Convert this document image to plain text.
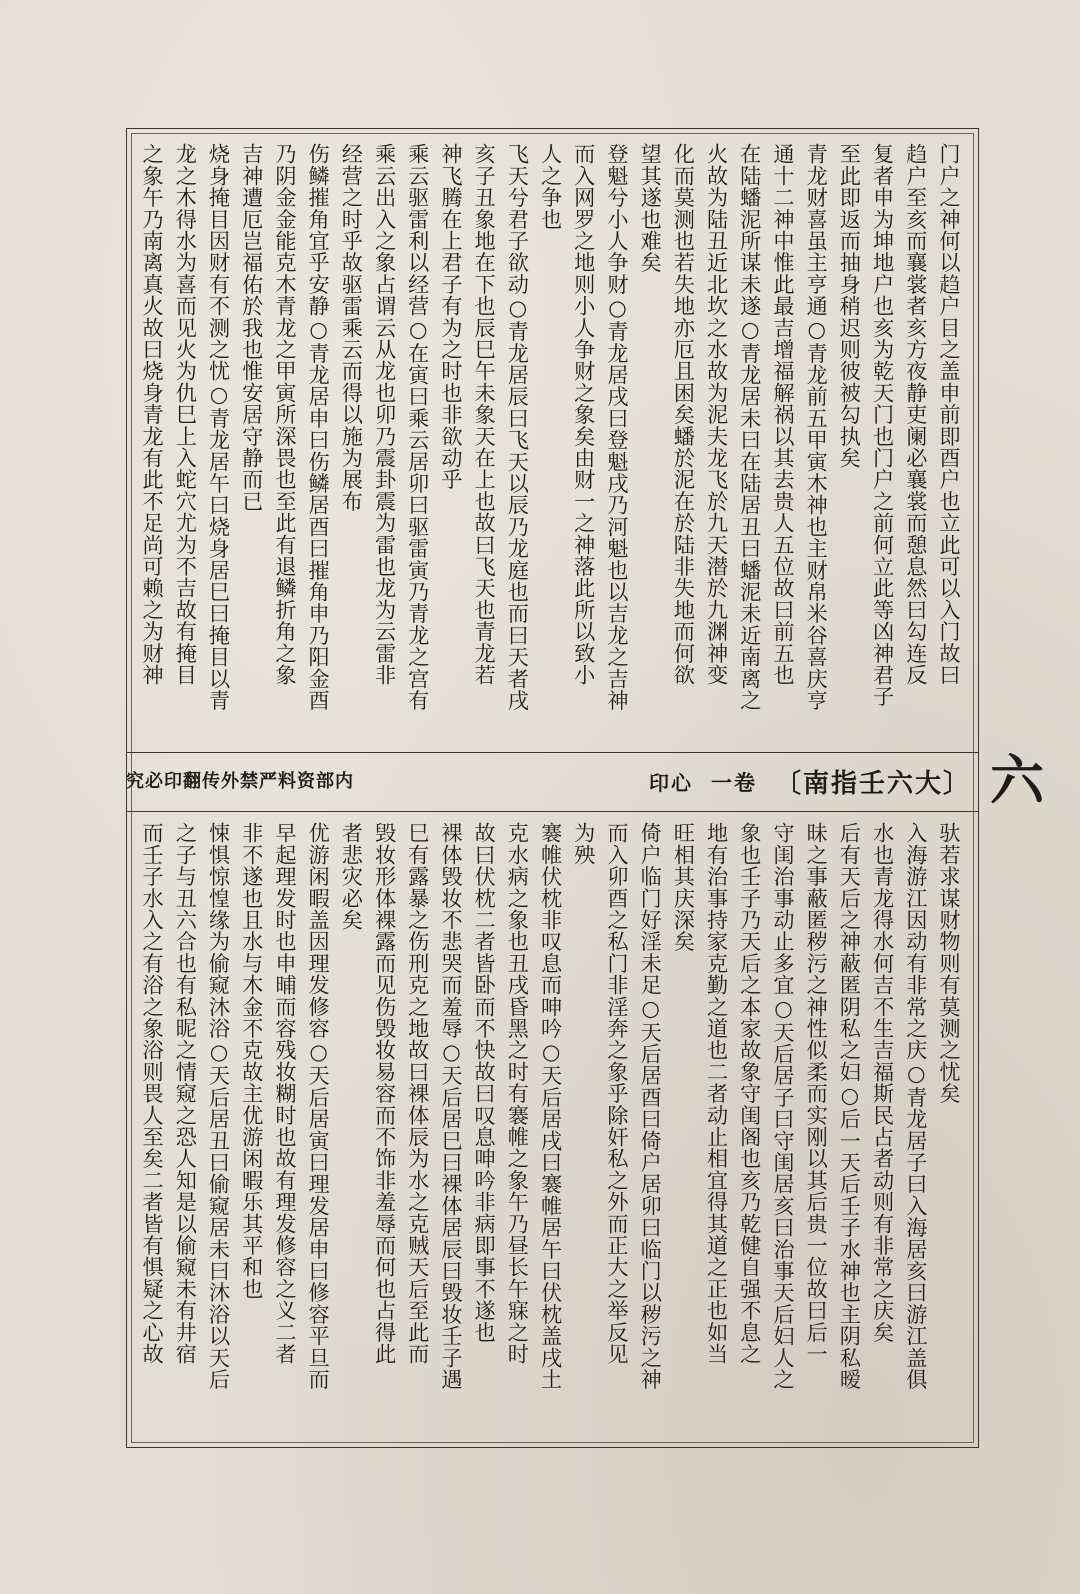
门户之神何以趋户目之盖申前即酉户也立此可以入门故曰
趋户至亥而襄裳者亥方夜静吏阑必襄裳而憩息然曰勾连反
复者申为坤地户也亥为乾天门也门户之前何立此等凶神君子
至此即返而抽身稍迟则彼被勾执矣
青龙财喜虽主亨通○青龙前五甲寅木神也主财帛米谷喜庆亨
通十二神中惟此最吉增福解祸以其去贵人五位故曰前五也
在陆蟠泥所谋未遂○青龙居未曰在陆居丑曰蟠泥未近南离之
火故为陆丑近北坎之水故为泥夫龙飞於九天潜於九渊神变
化而莫测也若失地亦厄且困矣蟠於泥在於陆非失地而何欲
望其遂也难矣
登魁兮小人争财○青龙居戌曰登魁戌乃河魁也以吉龙之吉神
而入网罗之地则小人争财之象矣由财一之神落此所以致小
人之争也
飞天兮君子欲动○青龙居辰曰飞天以辰乃龙庭也而曰天者戌
亥子丑象地在下也辰巳午未象天在上也故曰飞天也青龙若
神飞腾在上君子有为之时也非欲动乎
乘云驱雷利以经营○在寅曰乘云居卯曰驱雷寅乃青龙之宫有
乘云出入之象占谓云从龙也卯乃震卦震为雷也龙为云雷非
经营之时乎故驱雷乘云而得以施为展布
伤鳞摧角宜乎安静○青龙居申曰伤鳞居酉曰摧角申乃阳金酉
乃阴金金能克木青龙之甲寅所深畏也至此有退鳞折角之象
吉神遭厄岂福佑於我也惟安居守静而已
烧身掩目因财有不测之忧○青龙居午曰烧身居巳曰掩目以青
龙之木得水为喜而见火为仇巳上入蛇穴尤为不吉故有掩目
之象午乃南离真火故曰烧身青龙有此不足尚可赖之为财神
究必印翻传外禁严料资部内	印心 一卷 〔南指壬六大〕 六
驮若求谋财物则有莫测之忧矣
入海游江因动有非常之庆○青龙居子曰入海居亥曰游江盖俱
水也青龙得水何吉不生吉福斯民占者动则有非常之庆矣
后有天后之神蔽匿阴私之妇○后一天后壬子水神也主阴私暧
昧之事蔽匿秽污之神性似柔而实刚以其后贵一位故曰后一
守闺治事动止多宜○天后居子曰守闺居亥曰治事天后妇人之
象也壬子乃天后之本家故象守闺阁也亥乃乾健自强不息之
地有治事持家克勤之道也二者动止相宜得其道之正也如当
旺相其庆深矣
倚户临门好淫未足○天后居酉曰倚户居卯曰临门以秽污之神
而入卯酉之私门非淫奔之象乎除奸私之外而正大之举反见
为殃
褰帷伏枕非叹息而呻吟○天后居戌曰褰帷居午曰伏枕盖戌土
克水病之象也丑戌昏黑之时有褰帷之象午乃昼长午寐之时
故曰伏枕二者皆卧而不快故曰叹息呻吟非病即事不遂也
裸体毁妆不悲哭而羞辱○天后居巳曰裸体居辰曰毁妆壬子遇
巳有露暴之伤刑克之地故曰裸体辰为水之克贼天后至此而
毁妆形体裸露而见伤毁妆易容而不饰非羞辱而何也占得此
者悲灾必矣
优游闲暇盖因理发修容○天后居寅曰理发居申曰修容平旦而
早起理发时也申晡而容残妆糊时也故有理发修容之义二者
非不遂也且水与木金不克故主优游闲暇乐其平和也
悚惧惊惶缘为偷窥沐浴○天后居丑曰偷窥居未曰沐浴以天后
之子与丑六合也有私昵之情窥之恐人知是以偷窥未有井宿
而壬子水入之有浴之象浴则畏人至矣二者皆有惧疑之心故
